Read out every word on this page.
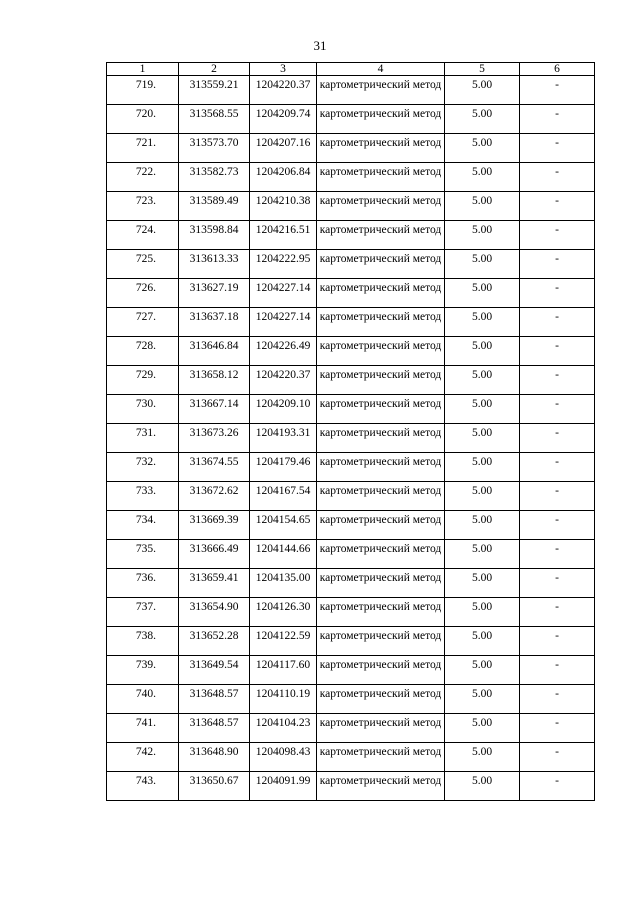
31
1	2	3	4	5	6
719.	313559.21	1204220.37	картометрический метод	5.00	-
720.	313568.55	1204209.74	картометрический метод	5.00	-
721.	313573.70	1204207.16	картометрический метод	5.00	-
722.	313582.73	1204206.84	картометрический метод	5.00	-
723.	313589.49	1204210.38	картометрический метод	5.00	-
724.	313598.84	1204216.51	картометрический метод	5.00	-
725.	313613.33	1204222.95	картометрический метод	5.00	-
726.	313627.19	1204227.14	картометрический метод	5.00	-
727.	313637.18	1204227.14	картометрический метод	5.00	-
728.	313646.84	1204226.49	картометрический метод	5.00	-
729.	313658.12	1204220.37	картометрический метод	5.00	-
730.	313667.14	1204209.10	картометрический метод	5.00	-
731.	313673.26	1204193.31	картометрический метод	5.00	-
732.	313674.55	1204179.46	картометрический метод	5.00	-
733.	313672.62	1204167.54	картометрический метод	5.00	-
734.	313669.39	1204154.65	картометрический метод	5.00	-
735.	313666.49	1204144.66	картометрический метод	5.00	-
736.	313659.41	1204135.00	картометрический метод	5.00	-
737.	313654.90	1204126.30	картометрический метод	5.00	-
738.	313652.28	1204122.59	картометрический метод	5.00	-
739.	313649.54	1204117.60	картометрический метод	5.00	-
740.	313648.57	1204110.19	картометрический метод	5.00	-
741.	313648.57	1204104.23	картометрический метод	5.00	-
742.	313648.90	1204098.43	картометрический метод	5.00	-
743.	313650.67	1204091.99	картометрический метод	5.00	-
